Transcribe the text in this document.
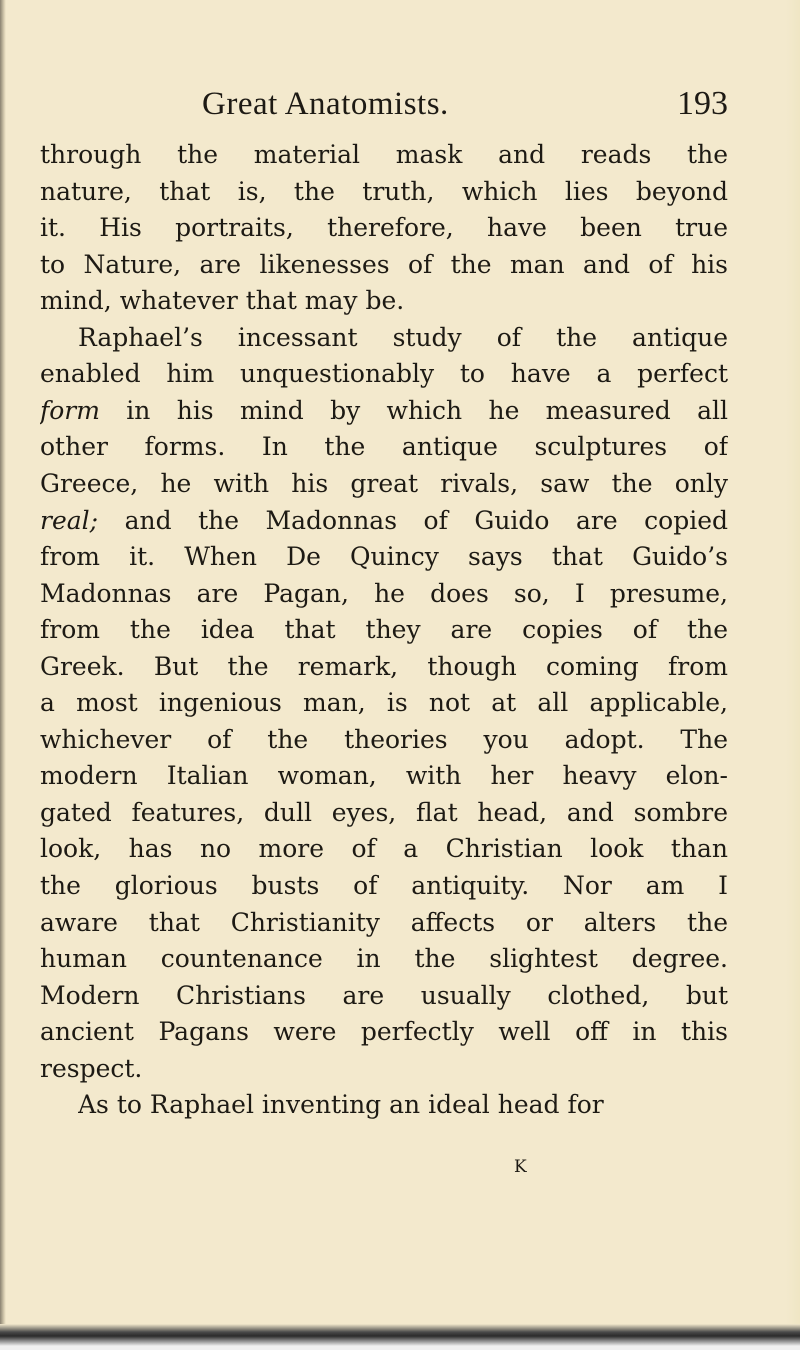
Great Anatomists.	193
through the material mask and reads the
nature, that is, the truth, which lies beyond
it. His portraits, therefore, have been true
to Nature, are likenesses of the man and of his
mind, whatever that may be.
Raphael’s incessant study of the antique
enabled him unquestionably to have a perfect
form in his mind by which he measured all
other forms. In the antique sculptures of
Greece, he with his great rivals, saw the only
real; and the Madonnas of Guido are copied
from it. When De Quincy says that Guido’s
Madonnas are Pagan, he does so, I presume,
from the idea that they are copies of the
Greek. But the remark, though coming from
a most ingenious man, is not at all applicable,
whichever of the theories you adopt. The
modern Italian woman, with her heavy elon-
gated features, dull eyes, flat head, and sombre
look, has no more of a Christian look than
the glorious busts of antiquity. Nor am I
aware that Christianity affects or alters the
human countenance in the slightest degree.
Modern Christians are usually clothed, but
ancient Pagans were perfectly well off in this
respect.
As to Raphael inventing an ideal head for
K
